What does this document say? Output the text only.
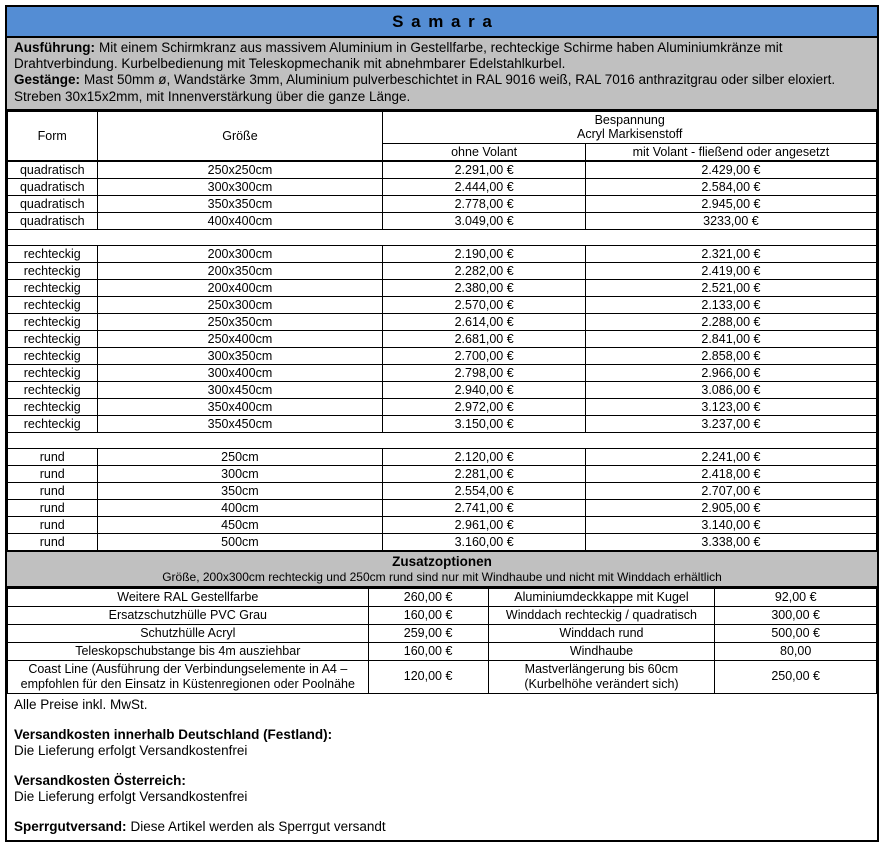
Samara
Ausführung: Mit einem Schirmkranz aus massivem Aluminium in Gestellfarbe, rechteckige Schirme haben Aluminiumkränze mit Drahtverbindung. Kurbelbedienung mit Teleskopmechanik mit abnehmbarer Edelstahlkurbel.
Gestänge: Mast 50mm ø, Wandstärke 3mm, Aluminium pulverbeschichtet in RAL 9016 weiß, RAL 7016 anthrazitgrau oder silber eloxiert. Streben 30x15x2mm, mit Innenverstärkung über die ganze Länge.
Form	Größe	Bespannung
Acryl Markisenstoff	

		ohne Volant	mit Volant - fließend oder angesetzt
quadratisch	250x250cm	2.291,00 €	2.429,00 €
quadratisch	300x300cm	2.444,00 €	2.584,00 €
quadratisch	350x350cm	2.778,00 €	2.945,00 €
quadratisch	400x400cm	3.049,00 €	3233,00 €

rechteckig	200x300cm	2.190,00 €	2.321,00 €
rechteckig	200x350cm	2.282,00 €	2.419,00 €
rechteckig	200x400cm	2.380,00 €	2.521,00 €
rechteckig	250x300cm	2.570,00 €	2.133,00 €
rechteckig	250x350cm	2.614,00 €	2.288,00 €
rechteckig	250x400cm	2.681,00 €	2.841,00 €
rechteckig	300x350cm	2.700,00 €	2.858,00 €
rechteckig	300x400cm	2.798,00 €	2.966,00 €
rechteckig	300x450cm	2.940,00 €	3.086,00 €
rechteckig	350x400cm	2.972,00 €	3.123,00 €
rechteckig	350x450cm	3.150,00 €	3.237,00 €

rund	250cm	2.120,00 €	2.241,00 €
rund	300cm	2.281,00 €	2.418,00 €
rund	350cm	2.554,00 €	2.707,00 €
rund	400cm	2.741,00 €	2.905,00 €
rund	450cm	2.961,00 €	3.140,00 €
rund	500cm	3.160,00 €	3.338,00 €
Zusatzoptionen
Größe, 200x300cm rechteckig und 250cm rund sind nur mit Windhaube und nicht mit Winddach erhältlich
Weitere RAL Gestellfarbe	260,00 €	Aluminiumdeckkappe mit Kugel	92,00 €
Ersatzschutzhülle PVC Grau	160,00 €	Winddach rechteckig / quadratisch	300,00 €
Schutzhülle Acryl	259,00 €	Winddach rund	500,00 €
Teleskopschubstange bis 4m ausziehbar	160,00 €	Windhaube	80,00
Coast Line (Ausführung der Verbindungselemente in A4 – empfohlen für den Einsatz in Küstenregionen oder Poolnähe	120,00 €	Mastverlängerung bis 60cm (Kurbelhöhe verändert sich)	250,00 €
Alle Preise inkl. MwSt.
Versandkosten innerhalb Deutschland (Festland):
Die Lieferung erfolgt Versandkostenfrei
Versandkosten Österreich:
Die Lieferung erfolgt Versandkostenfrei
Sperrgutversand: Diese Artikel werden als Sperrgut versandt
